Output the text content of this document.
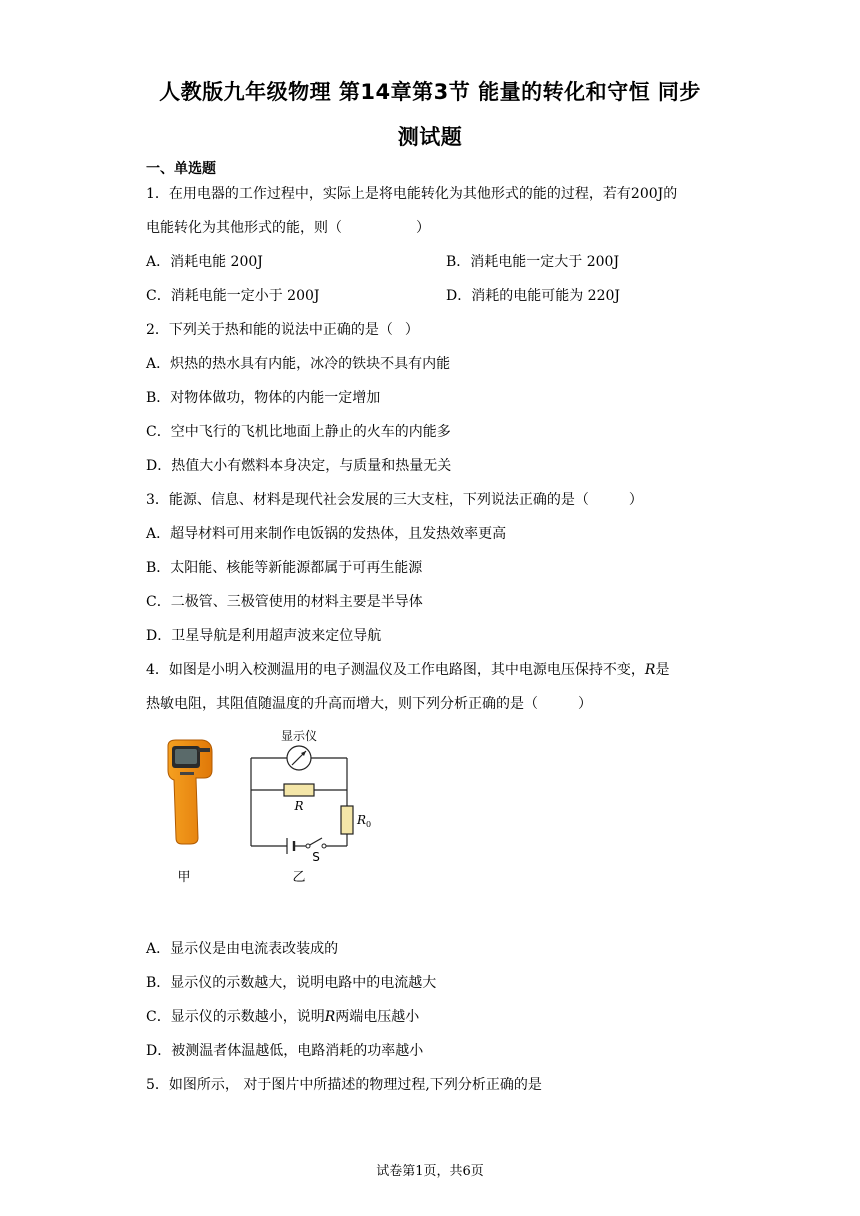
人教版九年级物理 第14章第3节 能量的转化和守恒 同步
测试题
一、单选题
1．在用电器的工作过程中，实际上是将电能转化为其他形式的能的过程，若有200J的
电能转化为其他形式的能，则（	）
A．消耗电能 200J	B．消耗电能一定大于 200J
C．消耗电能一定小于 200J	D．消耗的电能可能为 220J
2．下列关于热和能的说法中正确的是（ ）
A．炽热的热水具有内能，冰冷的铁块不具有内能
B．对物体做功，物体的内能一定增加
C．空中飞行的飞机比地面上静止的火车的内能多
D．热值大小有燃料本身决定，与质量和热量无关
3．能源、信息、材料是现代社会发展的三大支柱，下列说法正确的是（	）
A．超导材料可用来制作电饭锅的发热体，且发热效率更高
B．太阳能、核能等新能源都属于可再生能源
C．二极管、三极管使用的材料主要是半导体
D．卫星导航是利用超声波来定位导航
4．如图是小明入校测温用的电子测温仪及工作电路图，其中电源电压保持不变，R是
热敏电阻，其阻值随温度的升高而增大，则下列分析正确的是（	）
甲
显示仪
R
$R_0$
S
乙
A．显示仪是由电流表改装成的
B．显示仪的示数越大，说明电路中的电流越大
C．显示仪的示数越小，说明R两端电压越小
D．被测温者体温越低，电路消耗的功率越小
5．如图所示， 对于图片中所描述的物理过程,下列分析正确的是
试卷第1页，共6页
